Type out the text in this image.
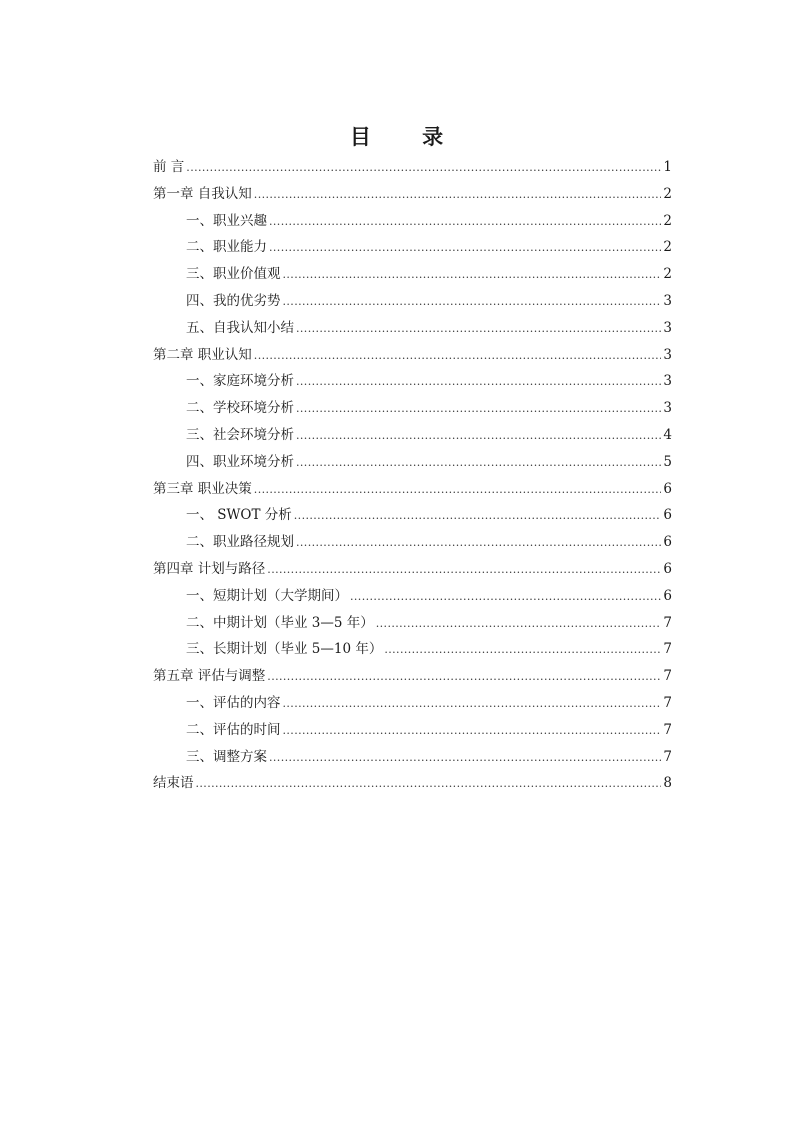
目 录
前 言 .....	1
第一章 自我认知 .....	2
一、职业兴趣 .....	2
二、职业能力 .....	2
三、职业价值观 .....	2
四、我的优劣势 .....	3
五、自我认知小结 .....	3
第二章 职业认知 .....	3
一、家庭环境分析 .....	3
二、学校环境分析 .....	3
三、社会环境分析 .....	4
四、职业环境分析 .....	5
第三章 职业决策 .....	6
一、 SWOT 分析 .....	6
二、职业路径规划 .....	6
第四章 计划与路径 .....	6
一、短期计划（大学期间） .....	6
二、中期计划（毕业 3—5 年） .....	7
三、长期计划（毕业 5—10 年） .....	7
第五章 评估与调整 .....	7
一、评估的内容 .....	7
二、评估的时间 .....	7
三、调整方案 .....	7
结束语 .....	8
